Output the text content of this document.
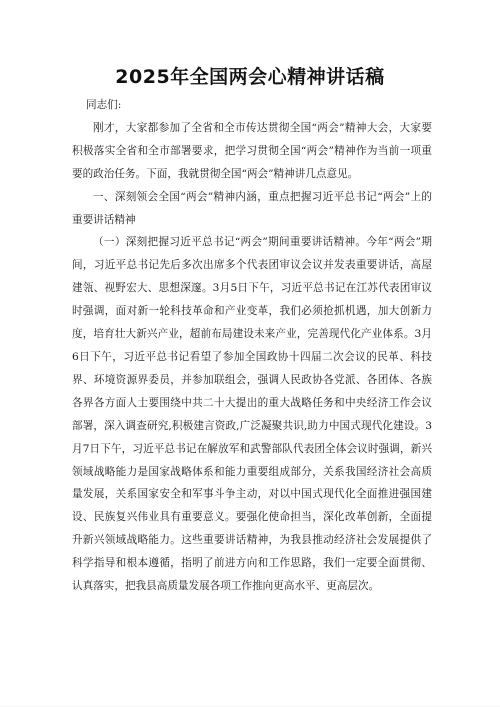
2025年全国两会心精神讲话稿

同志们:

刚才，大家都参加了全省和全市传达贯彻全国“两会”精神大会，大家要积极落实全省和全市部署要求，把学习贯彻全国“两会”精神作为当前一项重要的政治任务。下面，我就贯彻全国“两会”精神讲几点意见。

一、深刻领会全国“两会”精神内涵，重点把握习近平总书记“两会”上的重要讲话精神

（一）深刻把握习近平总书记“两会”期间重要讲话精神。今年“两会”期间，习近平总书记先后多次出席多个代表团审议会议并发表重要讲话，高屋建瓴、视野宏大、思想深邃。3月5日下午，习近平总书记在江苏代表团审议时强调，面对新一轮科技革命和产业变革，我们必须抢抓机遇，加大创新力度，培育壮大新兴产业，超前布局建设未来产业，完善现代化产业体系。3月6日下午，习近平总书记看望了参加全国政协十四届二次会议的民革、科技界、环境资源界委员，并参加联组会，强调人民政协各党派、各团体、各族各界各方面人士要围绕中共二十大提出的重大战略任务和中央经济工作会议部署，深入调查研究,积极建言资政,广泛凝聚共识,助力中国式现代化建设。3月7日下午，习近平总书记在解放军和武警部队代表团全体会议时强调，新兴领域战略能力是国家战略体系和能力重要组成部分，关系我国经济社会高质量发展，关系国家安全和军事斗争主动，对以中国式现代化全面推进强国建设、民族复兴伟业具有重要意义。要强化使命担当，深化改革创新，全面提升新兴领域战略能力。这些重要讲话精神，为我县推动经济社会发展提供了科学指导和根本遵循，指明了前进方向和工作思路，我们一定要全面贯彻、认真落实，把我县高质量发展各项工作推向更高水平、更高层次。
